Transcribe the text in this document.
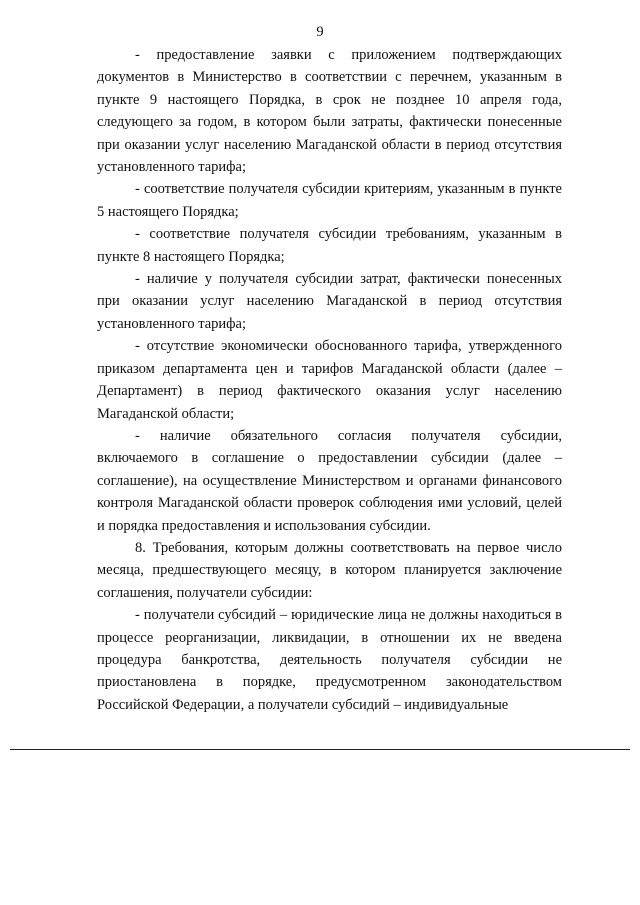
9

- предоставление заявки с приложением подтверждающих документов в Министерство в соответствии с перечнем, указанным в пункте 9 настоящего Порядка, в срок не позднее 10 апреля года, следующего за годом, в котором были затраты, фактически понесенные при оказании услуг населению Магаданской области в период отсутствия установленного тарифа;

- соответствие получателя субсидии критериям, указанным в пункте 5 настоящего Порядка;

- соответствие получателя субсидии требованиям, указанным в пункте 8 настоящего Порядка;

- наличие у получателя субсидии затрат, фактически понесенных при оказании услуг населению Магаданской в период отсутствия установленного тарифа;

- отсутствие экономически обоснованного тарифа, утвержденного приказом департамента цен и тарифов Магаданской области (далее – Департамент) в период фактического оказания услуг населению Магаданской области;

- наличие обязательного согласия получателя субсидии, включаемого в соглашение о предоставлении субсидии (далее – соглашение), на осуществление Министерством и органами финансового контроля Магаданской области проверок соблюдения ими условий, целей и порядка предоставления и использования субсидии.

8. Требования, которым должны соответствовать на первое число месяца, предшествующего месяцу, в котором планируется заключение соглашения, получатели субсидии:

- получатели субсидий – юридические лица не должны находиться в процессе реорганизации, ликвидации, в отношении их не введена процедура банкротства, деятельность получателя субсидии не приостановлена в порядке, предусмотренном законодательством Российской Федерации, а получатели субсидий – индивидуальные
